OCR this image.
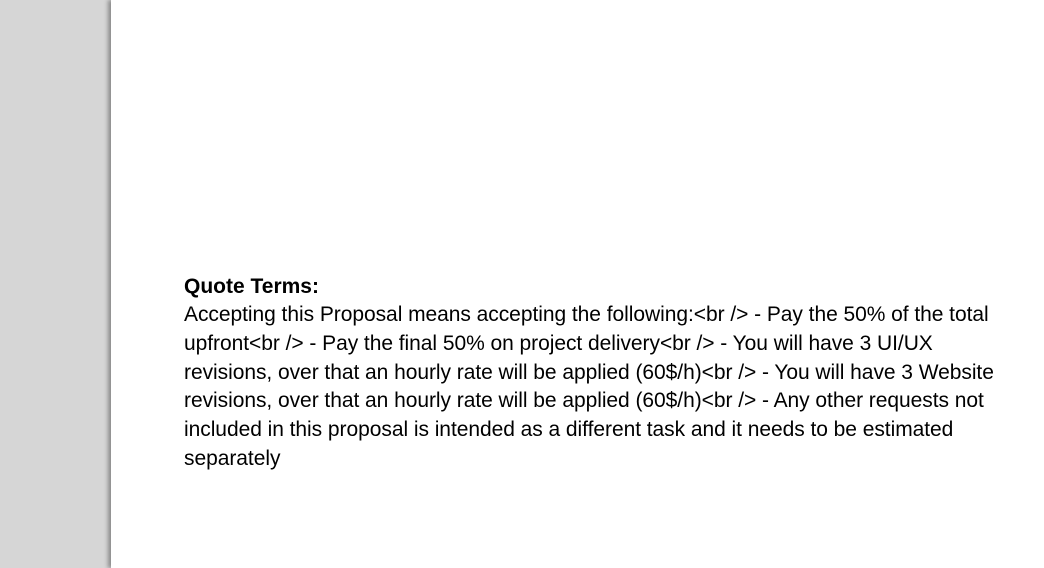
Quote Terms:

Accepting this Proposal means accepting the following:<br /> - Pay the 50% of the total upfront<br /> - Pay the final 50% on project delivery<br /> - You will have 3 UI/UX revisions, over that an hourly rate will be applied (60$/h)<br /> - You will have 3 Website revisions, over that an hourly rate will be applied (60$/h)<br /> - Any other requests not included in this proposal is intended as a different task and it needs to be estimated separately
